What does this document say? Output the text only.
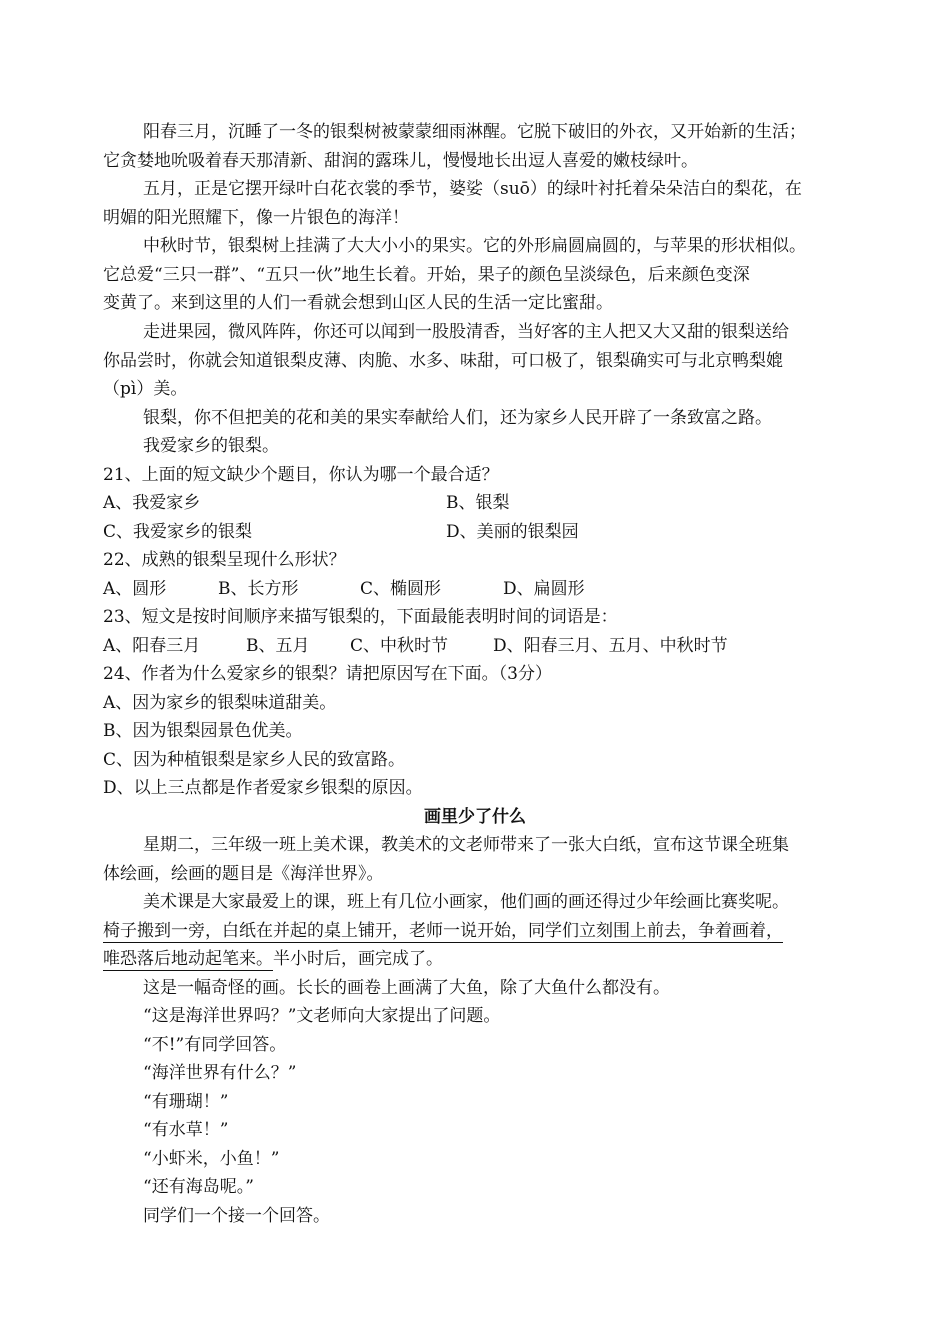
阳春三月，沉睡了一冬的银梨树被蒙蒙细雨淋醒。它脱下破旧的外衣，又开始新的生活；
它贪婪地吮吸着春天那清新、甜润的露珠儿，慢慢地长出逗人喜爱的嫩枝绿叶。
五月，正是它摆开绿叶白花衣裳的季节，婆娑（suō）的绿叶衬托着朵朵洁白的梨花，在
明媚的阳光照耀下，像一片银色的海洋！
中秋时节，银梨树上挂满了大大小小的果实。它的外形扁圆扁圆的，与苹果的形状相似。
它总爱“三只一群”、“五只一伙”地生长着。开始，果子的颜色呈淡绿色，后来颜色变深
变黄了。来到这里的人们一看就会想到山区人民的生活一定比蜜甜。
走进果园，微风阵阵，你还可以闻到一股股清香，当好客的主人把又大又甜的银梨送给
你品尝时，你就会知道银梨皮薄、肉脆、水多、味甜，可口极了，银梨确实可与北京鸭梨媲
（pì）美。
银梨，你不但把美的花和美的果实奉献给人们，还为家乡人民开辟了一条致富之路。
我爱家乡的银梨。
21、上面的短文缺少个题目，你认为哪一个最合适？
A、我爱家乡	B、银梨
C、我爱家乡的银梨	D、美丽的银梨园
22、成熟的银梨呈现什么形状？
A、圆形	B、长方形	C、椭圆形	D、扁圆形
23、短文是按时间顺序来描写银梨的，下面最能表明时间的词语是：
A、阳春三月	B、五月 C、中秋时节	D、阳春三月、五月、中秋时节
24、作者为什么爱家乡的银梨？请把原因写在下面。（3分）
A、因为家乡的银梨味道甜美。
B、因为银梨园景色优美。
C、因为种植银梨是家乡人民的致富路。
D、以上三点都是作者爱家乡银梨的原因。
画里少了什么
星期二，三年级一班上美术课，教美术的文老师带来了一张大白纸，宣布这节课全班集
体绘画，绘画的题目是《海洋世界》。
美术课是大家最爱上的课，班上有几位小画家，他们画的画还得过少年绘画比赛奖呢。
椅子搬到一旁，白纸在并起的桌上铺开，老师一说开始，同学们立刻围上前去，争着画着，
唯恐落后地动起笔来。半小时后，画完成了。
这是一幅奇怪的画。长长的画卷上画满了大鱼，除了大鱼什么都没有。
“这是海洋世界吗？”文老师向大家提出了问题。
“不!”有同学回答。
“海洋世界有什么？”
“有珊瑚！”
“有水草！”
“小虾米，小鱼！”
“还有海岛呢。”
同学们一个接一个回答。
